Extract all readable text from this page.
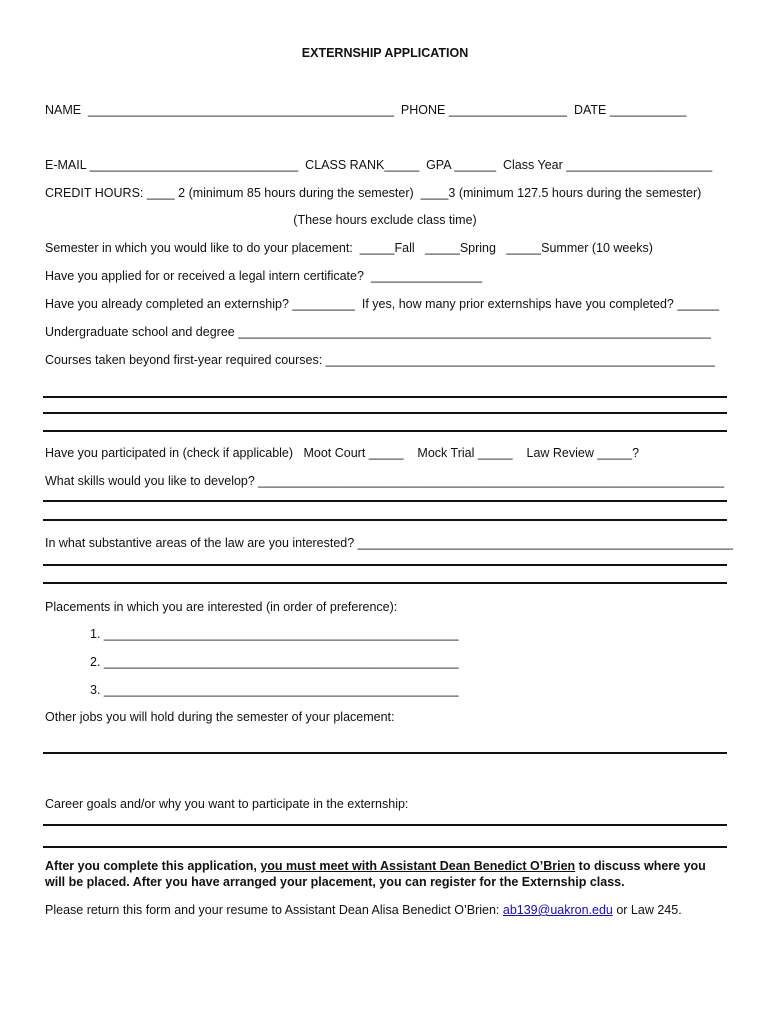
EXTERNSHIP APPLICATION
NAME  ____________________________________________  PHONE _________________  DATE ___________
E-MAIL ______________________________  CLASS RANK_____  GPA ______  Class Year _____________________
CREDIT HOURS: ____ 2 (minimum 85 hours during the semester)  ____3 (minimum 127.5 hours during the semester)
(These hours exclude class time)
Semester in which you would like to do your placement:  _____Fall   _____Spring   _____Summer (10 weeks)
Have you applied for or received a legal intern certificate?  ________________
Have you already completed an externship? _________  If yes, how many prior externships have you completed? ______
Undergraduate school and degree ____________________________________________________________________
Courses taken beyond first-year required courses: ________________________________________________________
Have you participated in (check if applicable)   Moot Court _____    Mock Trial _____    Law Review _____?
What skills would you like to develop? ___________________________________________________________________
In what substantive areas of the law are you interested? ______________________________________________________
Placements in which you are interested (in order of preference):
1. ___________________________________________________
2. ___________________________________________________
3. ___________________________________________________
Other jobs you will hold during the semester of your placement:
Career goals and/or why you want to participate in the externship:
After you complete this application, you must meet with Assistant Dean Benedict O’Brien to discuss where you
will be placed. After you have arranged your placement, you can register for the Externship class.
Please return this form and your resume to Assistant Dean Alisa Benedict O’Brien: ab139@uakron.edu or Law 245.
